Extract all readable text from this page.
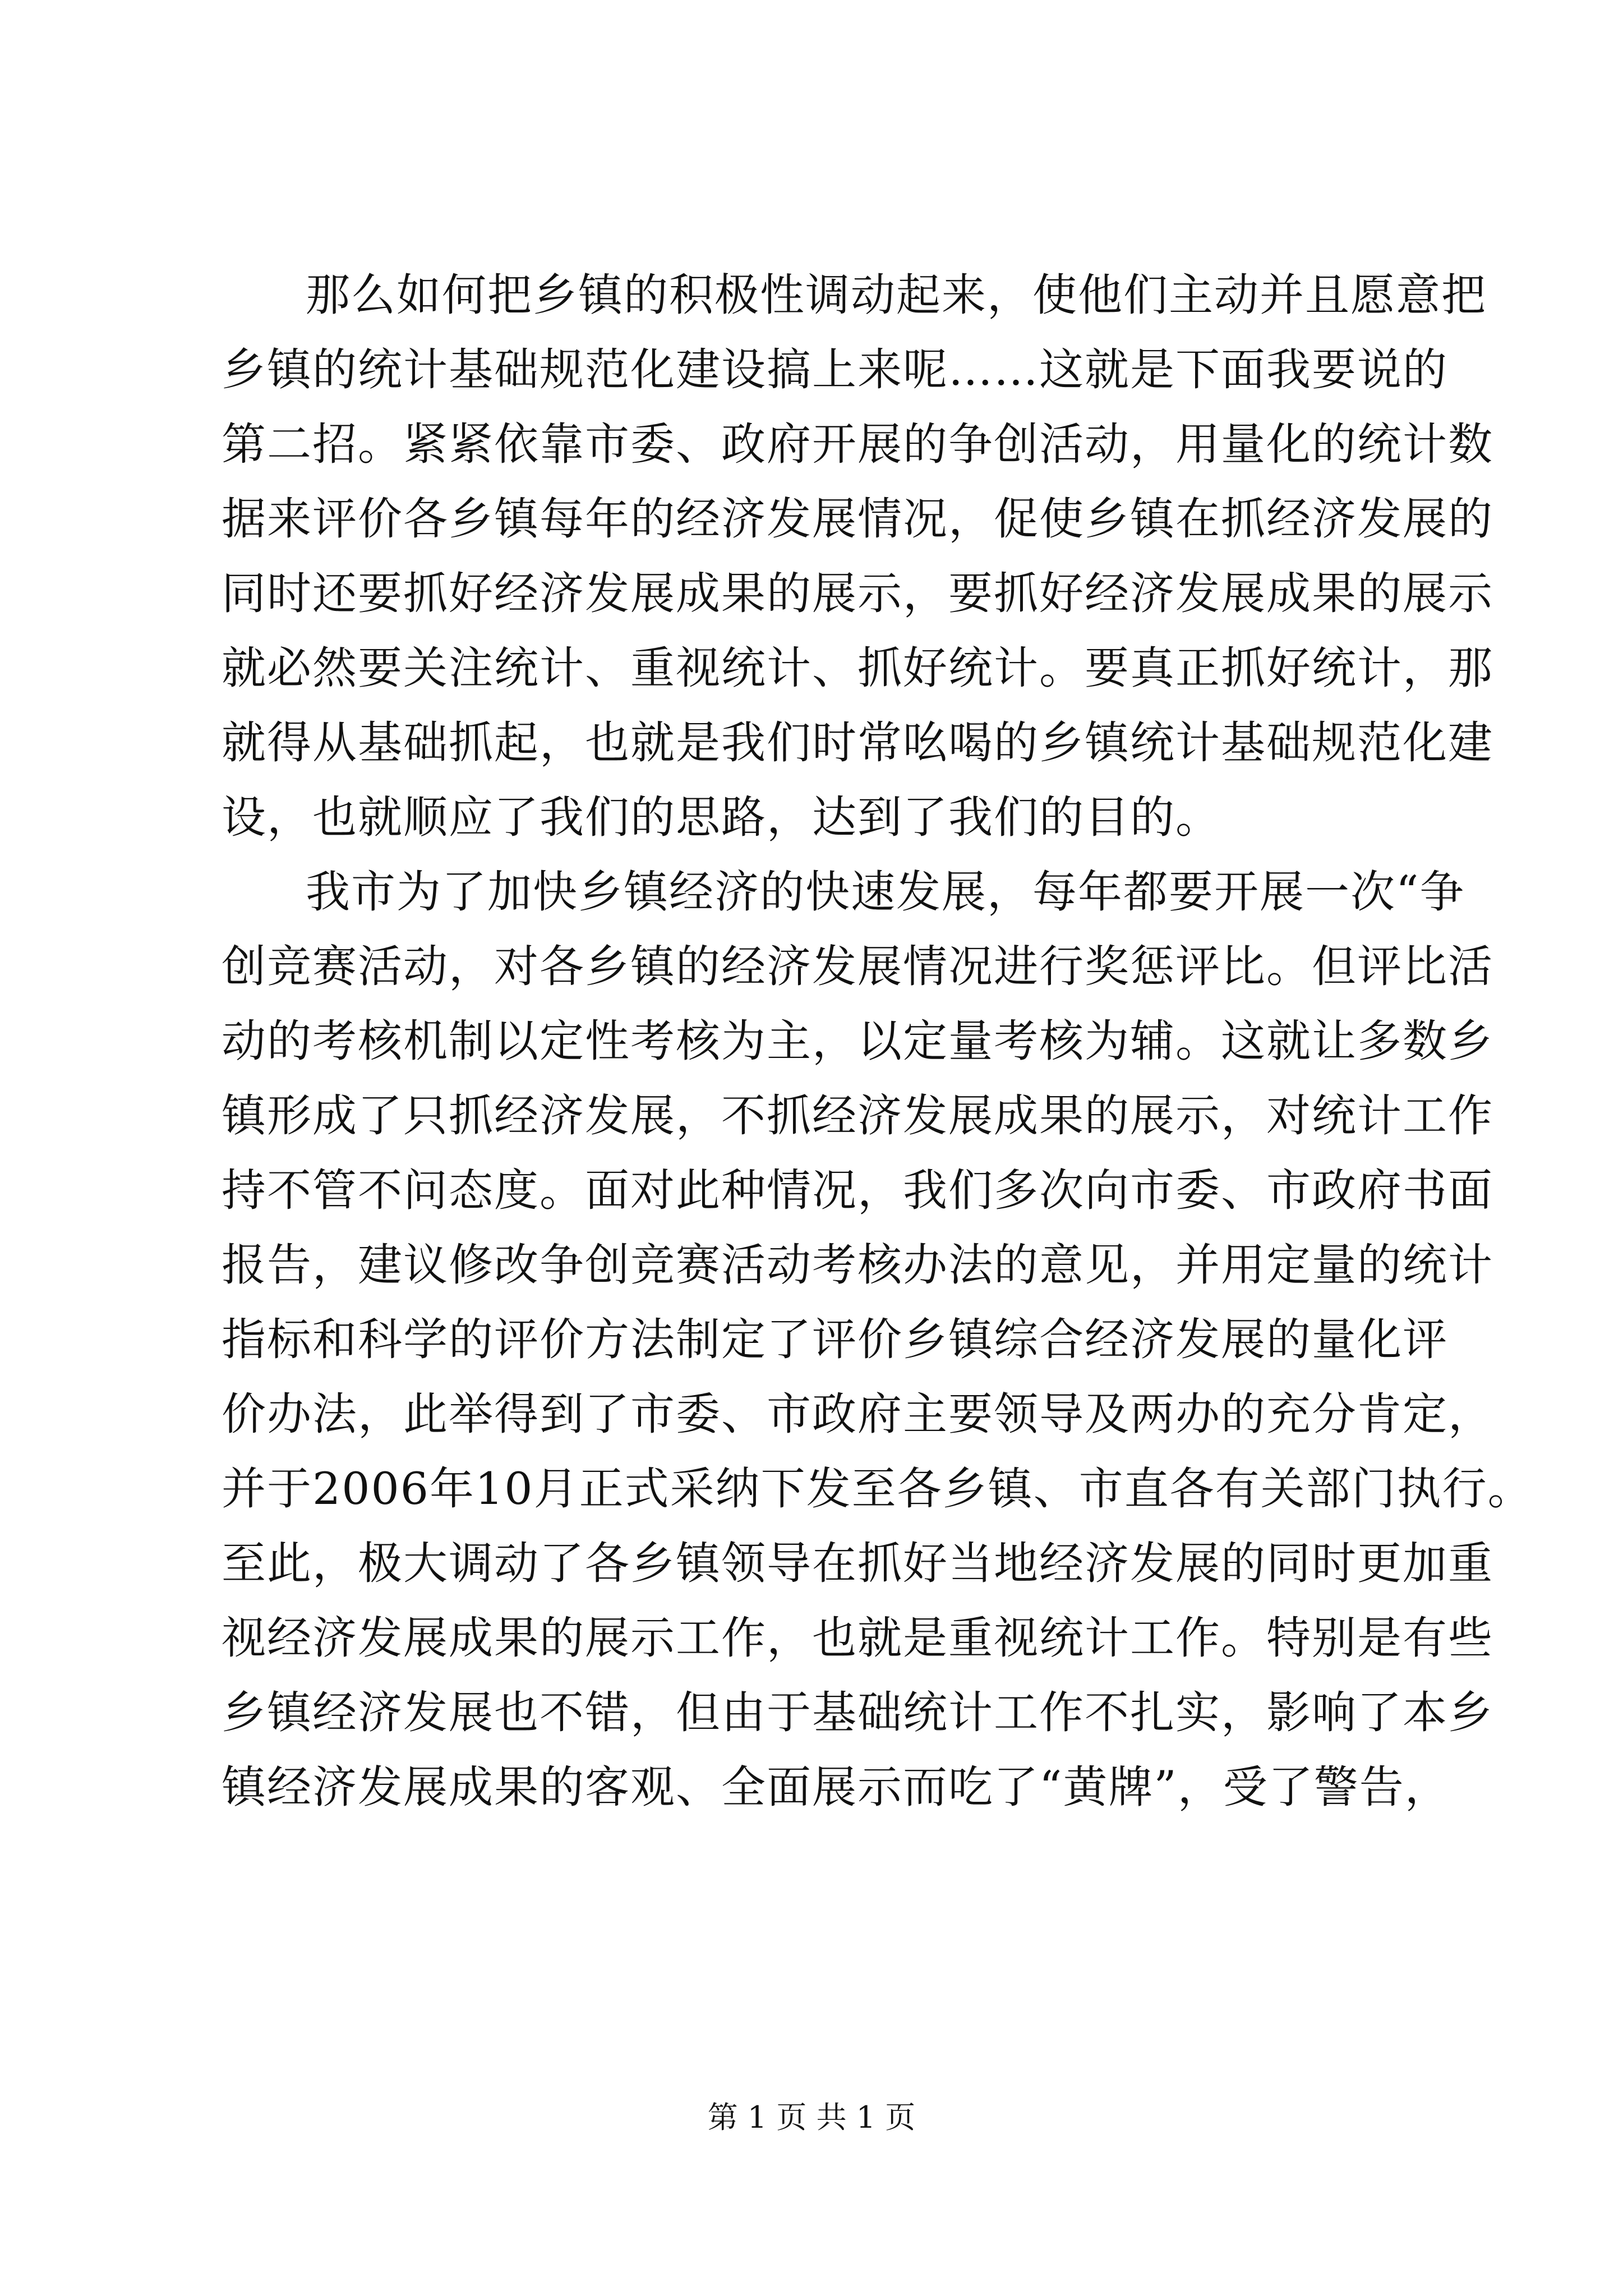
那么如何把乡镇的积极性调动起来，使他们主动并且愿意把
乡镇的统计基础规范化建设搞上来呢……这就是下面我要说的
第二招。紧紧依靠市委、政府开展的争创活动，用量化的统计数
据来评价各乡镇每年的经济发展情况，促使乡镇在抓经济发展的
同时还要抓好经济发展成果的展示，要抓好经济发展成果的展示
就必然要关注统计、重视统计、抓好统计。要真正抓好统计，那
就得从基础抓起，也就是我们时常吆喝的乡镇统计基础规范化建
设，也就顺应了我们的思路，达到了我们的目的。
我市为了加快乡镇经济的快速发展，每年都要开展一次“争
创竞赛活动，对各乡镇的经济发展情况进行奖惩评比。但评比活
动的考核机制以定性考核为主，以定量考核为辅。这就让多数乡
镇形成了只抓经济发展，不抓经济发展成果的展示，对统计工作
持不管不问态度。面对此种情况，我们多次向市委、市政府书面
报告，建议修改争创竞赛活动考核办法的意见，并用定量的统计
指标和科学的评价方法制定了评价乡镇综合经济发展的量化评
价办法，此举得到了市委、市政府主要领导及两办的充分肯定，
并于2006年10月正式采纳下发至各乡镇、市直各有关部门执行。
至此，极大调动了各乡镇领导在抓好当地经济发展的同时更加重
视经济发展成果的展示工作，也就是重视统计工作。特别是有些
乡镇经济发展也不错，但由于基础统计工作不扎实，影响了本乡
镇经济发展成果的客观、全面展示而吃了“黄牌”，受了警告，
第 1 页 共 1 页
